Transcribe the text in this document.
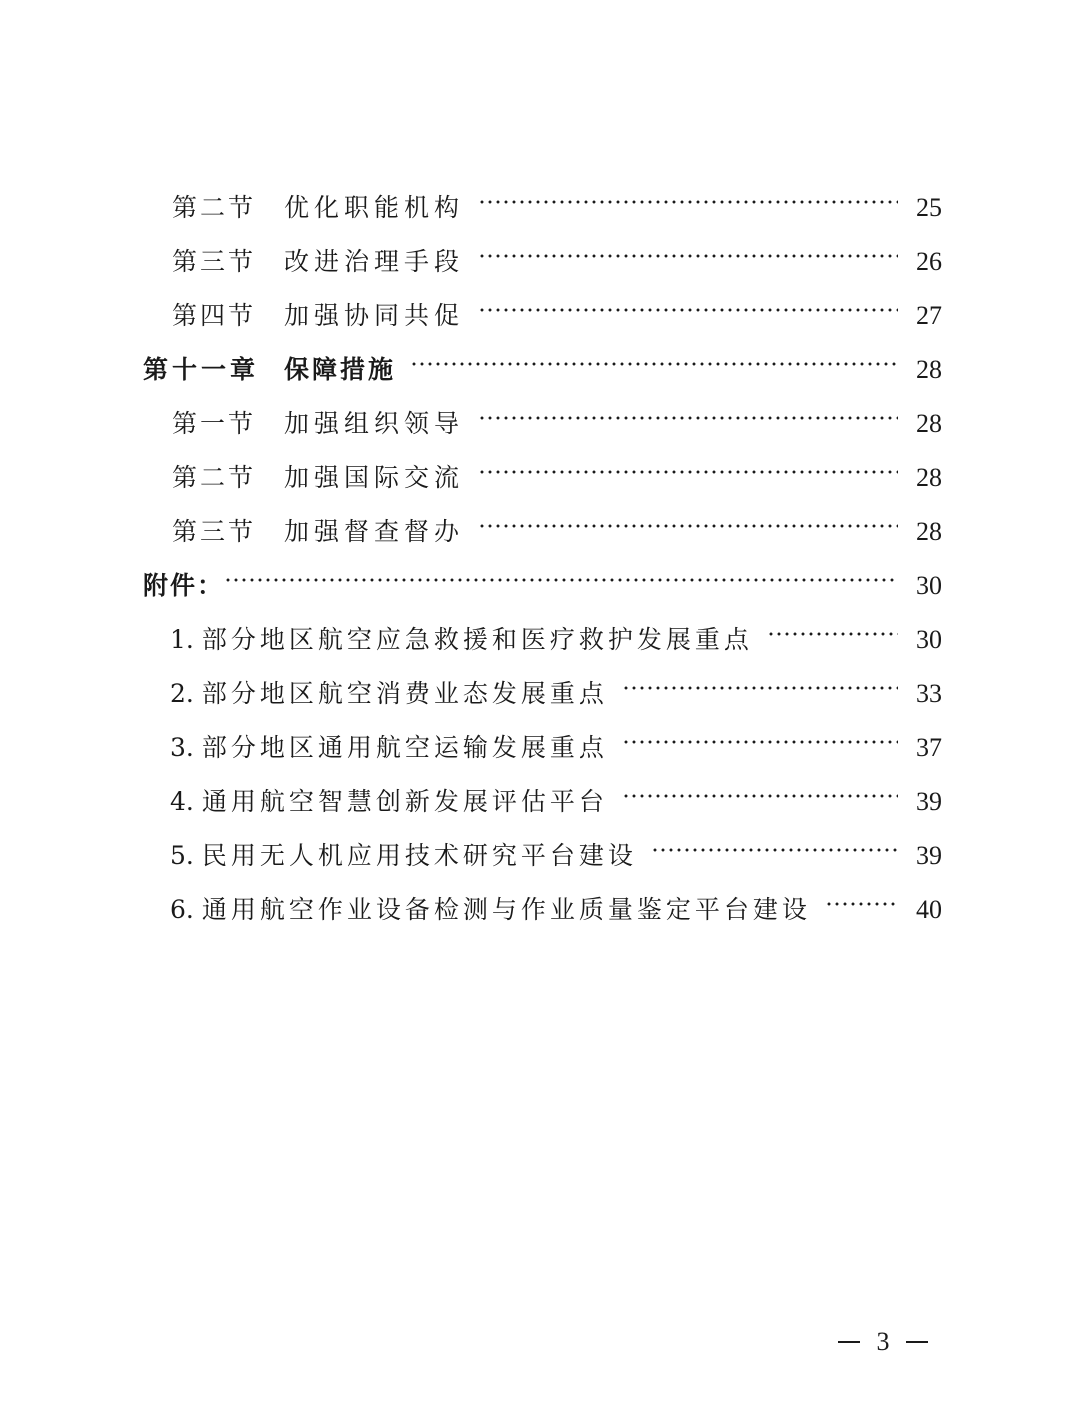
第二节	优化职能机构	25
第三节	改进治理手段	26
第四节	加强协同共促	27
第十一章 保障措施	28
第一节	加强组织领导	28
第二节	加强国际交流	28
第三节	加强督查督办	28
附件：	30
1. 部分地区航空应急救援和医疗救护发展重点	30
2. 部分地区航空消费业态发展重点	33
3. 部分地区通用航空运输发展重点	37
4. 通用航空智慧创新发展评估平台	39
5. 民用无人机应用技术研究平台建设	39
6. 通用航空作业设备检测与作业质量鉴定平台建设	40
3
